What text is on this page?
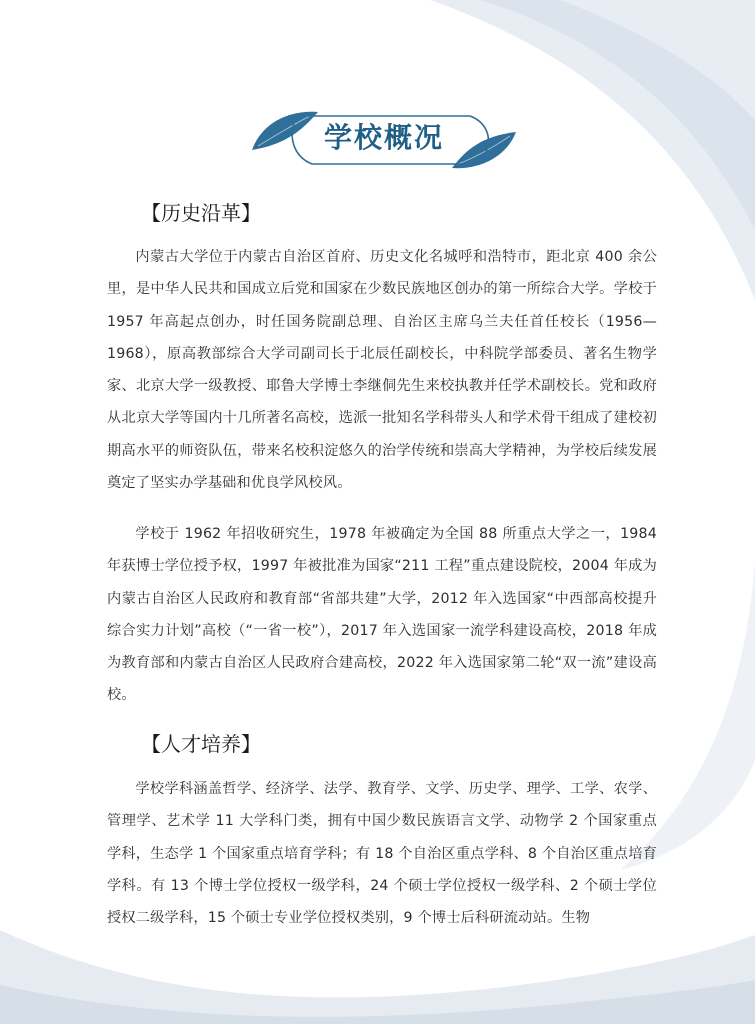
学校概况
【历史沿革】
内蒙古大学位于内蒙古自治区首府、历史文化名城呼和浩特市，距北京 400 余公里，是中华人民共和国成立后党和国家在少数民族地区创办的第一所综合大学。学校于 1957 年高起点创办，时任国务院副总理、自治区主席乌兰夫任首任校长（1956—1968），原高教部综合大学司副司长于北辰任副校长，中科院学部委员、著名生物学家、北京大学一级教授、耶鲁大学博士李继侗先生来校执教并任学术副校长。党和政府从北京大学等国内十几所著名高校，选派一批知名学科带头人和学术骨干组成了建校初期高水平的师资队伍，带来名校积淀悠久的治学传统和崇高大学精神，为学校后续发展奠定了坚实办学基础和优良学风校风。
学校于 1962 年招收研究生，1978 年被确定为全国 88 所重点大学之一，1984 年获博士学位授予权，1997 年被批准为国家“211 工程”重点建设院校，2004 年成为内蒙古自治区人民政府和教育部“省部共建”大学，2012 年入选国家“中西部高校提升综合实力计划”高校（“一省一校”），2017 年入选国家一流学科建设高校，2018 年成为教育部和内蒙古自治区人民政府合建高校，2022 年入选国家第二轮“双一流”建设高校。
【人才培养】
学校学科涵盖哲学、经济学、法学、教育学、文学、历史学、理学、工学、农学、管理学、艺术学 11 大学科门类，拥有中国少数民族语言文学、动物学 2 个国家重点学科，生态学 1 个国家重点培育学科；有 18 个自治区重点学科、8 个自治区重点培育学科。有 13 个博士学位授权一级学科，24 个硕士学位授权一级学科、2 个硕士学位授权二级学科，15 个硕士专业学位授权类别，9 个博士后科研流动站。生物
